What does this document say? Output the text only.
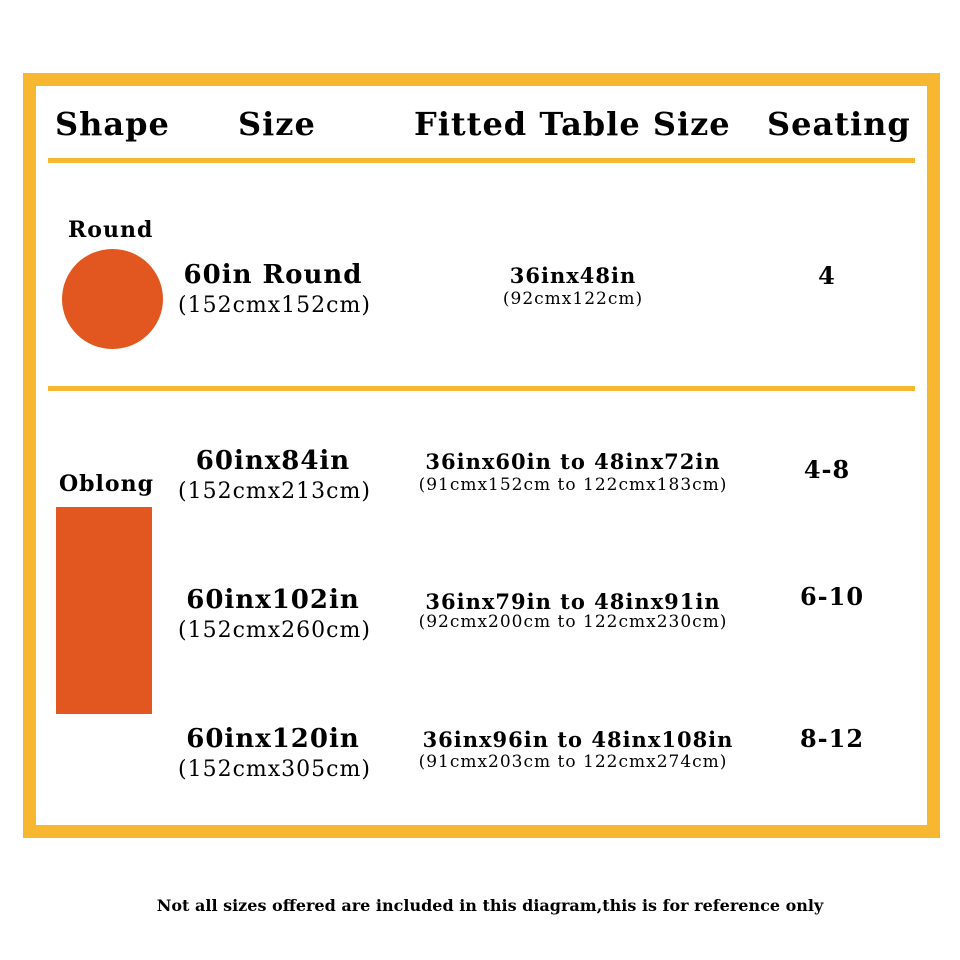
Shape Size	Fitted Table Size Seating
Round
60in Round
(152cmx152cm)
36inx48in
(92cmx122cm)
4
Oblong
60inx84in
(152cmx213cm)
36inx60in to 48inx72in
(91cmx152cm to 122cmx183cm)
4-8
60inx102in
(152cmx260cm)
36inx79in to 48inx91in
(92cmx200cm to 122cmx230cm)
6-10
60inx120in
(152cmx305cm)
36inx96in to 48inx108in
(91cmx203cm to 122cmx274cm)
8-12
Not all sizes offered are included in this diagram,this is for reference only
